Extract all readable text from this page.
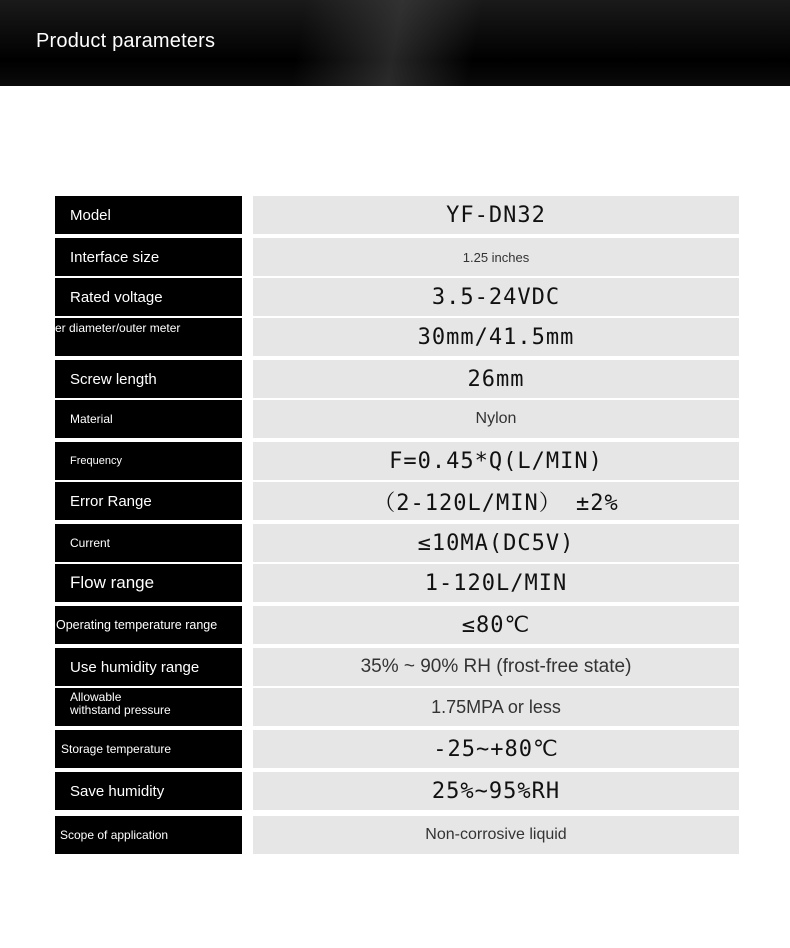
Product parameters
Model	YF-DN32
Interface size	1.25 inches
Rated voltage	3.5-24VDC
er diameter/outer meter	30mm/41.5mm
Screw length	26mm
Material	Nylon
Frequency	F=0.45*Q(L/MIN)
Error Range	（2-120L/MIN） ±2%
Current	≤10MA(DC5V)
Flow range	1-120L/MIN
Operating temperature range	≤80℃
Use humidity range	35% ~ 90% RH (frost-free state)
Allowable withstand pressure	1.75MPA or less
Storage temperature	-25~+80℃
Save humidity	25%~95%RH
Scope of application	Non-corrosive liquid
